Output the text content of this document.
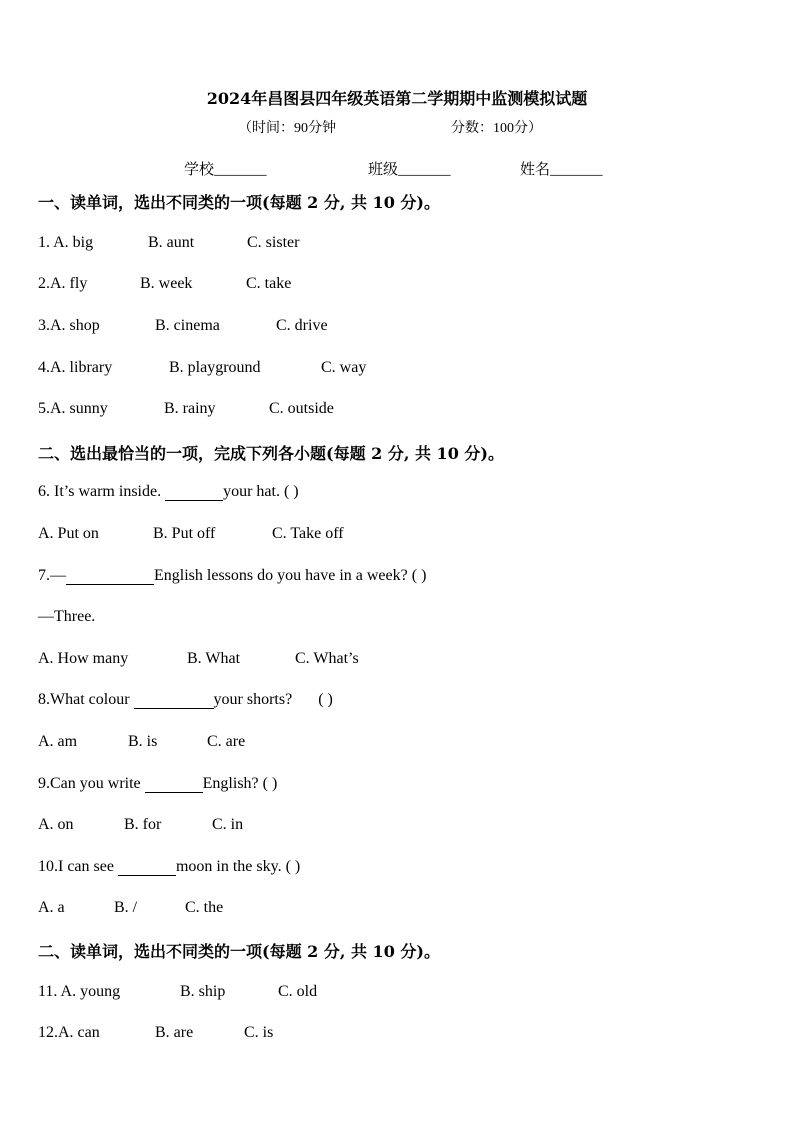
2024年昌图县四年级英语第二学期期中监测模拟试题
（时间：90分钟	分数：100分）
学校_______	班级_______	姓名_______
一、读单词，选出不同类的一项(每题 2 分, 共 10 分)。
1. A. big	B. aunt	C. sister
2.A. fly	B. week	C. take
3.A. shop	B. cinema	C. drive
4.A. library	B. playground	C. way
5.A. sunny	B. rainy	C. outside
二、选出最恰当的一项，完成下列各小题(每题 2 分, 共 10 分)。
6. It’s warm inside.	your hat. ( )
A. Put on	B. Put off	C. Take off
7.—	English lessons do you have in a week? ( )
—Three.
A. How many	B. What	C. What’s
8.What colour	your shorts? ( )
A. am	B. is	C. are
9.Can you write	English? ( )
A. on	B. for	C. in
10.I can see	moon in the sky. ( )
A. a	B. /	C. the
二、读单词，选出不同类的一项(每题 2 分, 共 10 分)。
11. A. young	B. ship	C. old
12.A. can	B. are	C. is
